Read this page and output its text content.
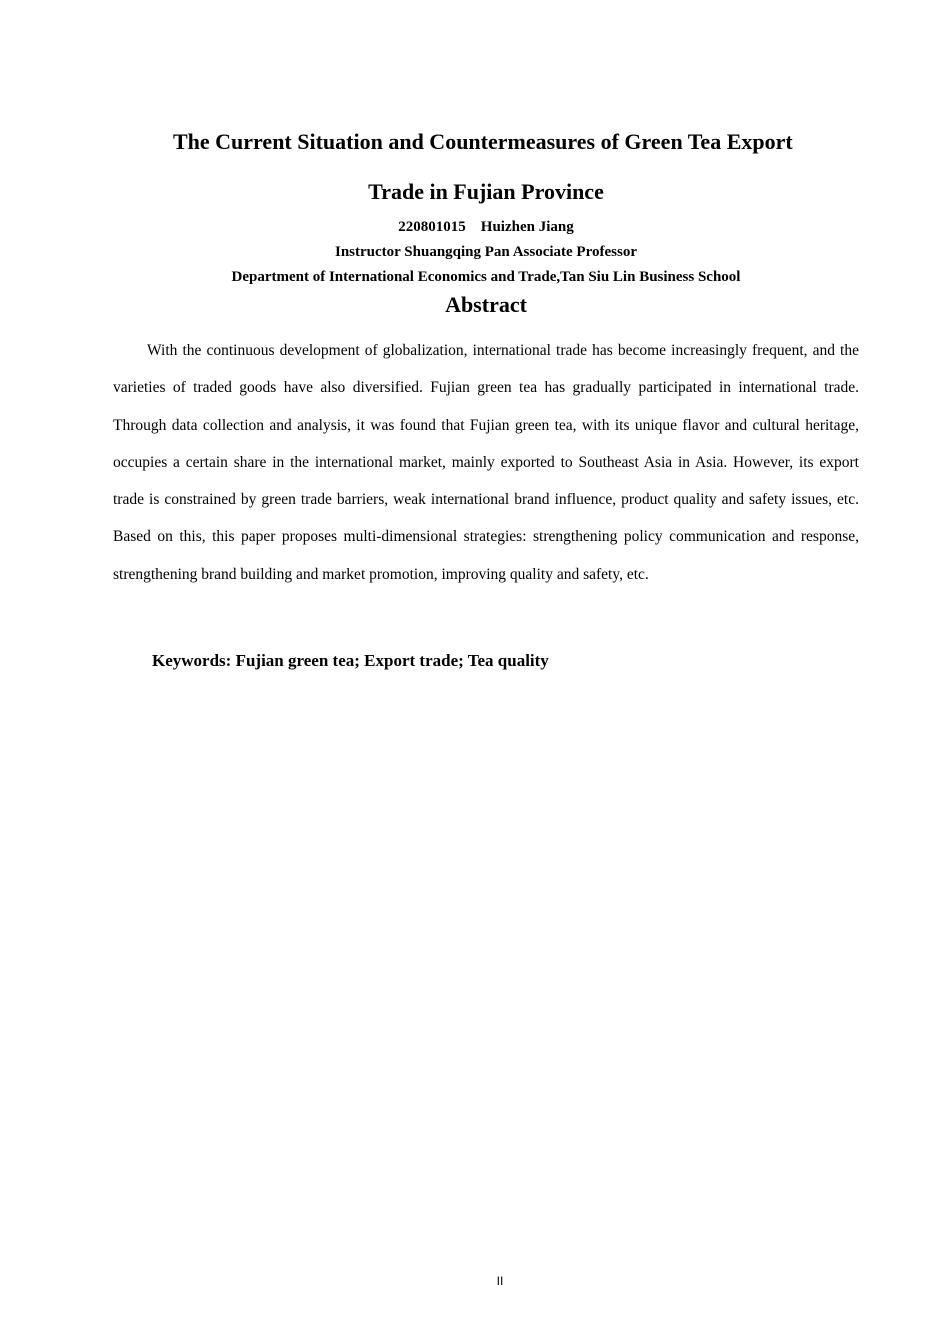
The Current Situation and Countermeasures of Green Tea Export
Trade in Fujian Province
220801015    Huizhen Jiang
Instructor Shuangqing Pan Associate Professor
Department of International Economics and Trade,Tan Siu Lin Business School
Abstract

With the continuous development of globalization, international trade has become increasingly frequent, and the varieties of traded goods have also diversified. Fujian green tea has gradually participated in international trade. Through data collection and analysis, it was found that Fujian green tea, with its unique flavor and cultural heritage, occupies a certain share in the international market, mainly exported to Southeast Asia in Asia. However, its export trade is constrained by green trade barriers, weak international brand influence, product quality and safety issues, etc. Based on this, this paper proposes multi-dimensional strategies: strengthening policy communication and response, strengthening brand building and market promotion, improving quality and safety, etc.

Keywords: Fujian green tea; Export trade; Tea quality
II
